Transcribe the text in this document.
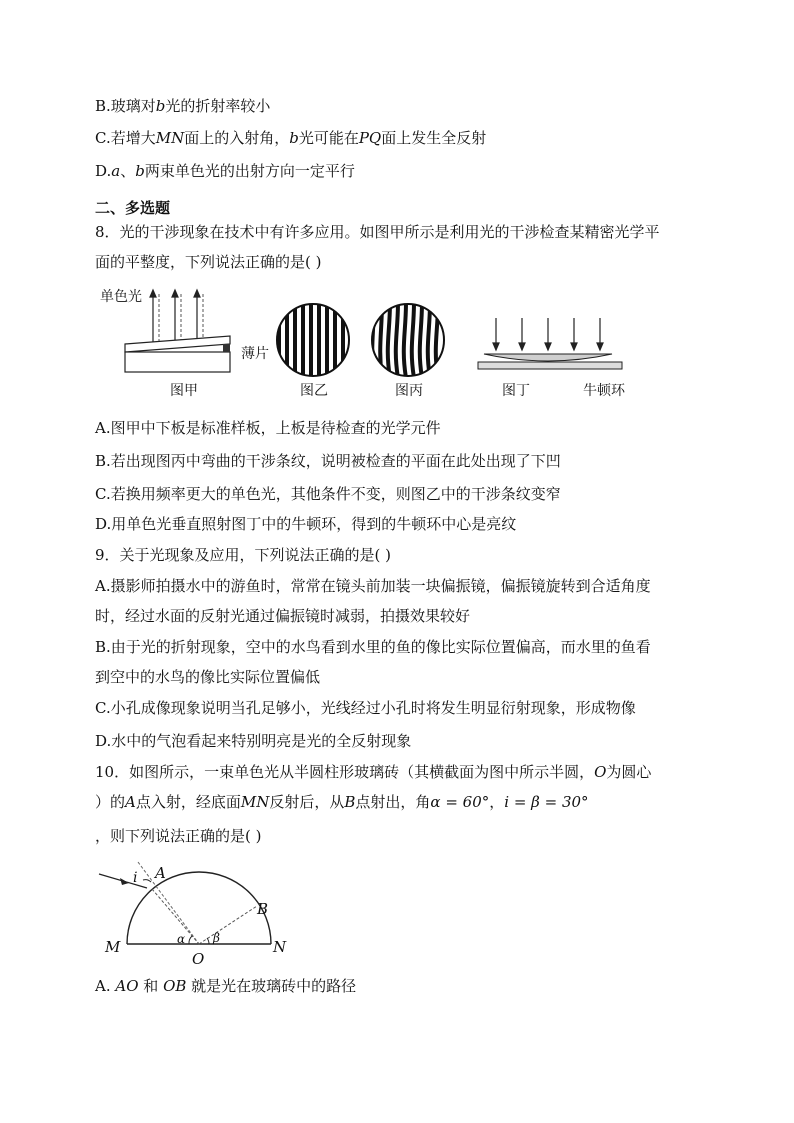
B.玻璃对b光的折射率较小
C.若增大MN面上的入射角，b光可能在PQ面上发生全反射
D.a、b两束单色光的出射方向一定平行
二、多选题
8．光的干涉现象在技术中有许多应用。如图甲所示是利用光的干涉检查某精密光学平
面的平整度，下列说法正确的是( )
单色光
薄片
图甲	图乙	图丙	图丁	牛顿环
A.图甲中下板是标准样板，上板是待检查的光学元件
B.若出现图丙中弯曲的干涉条纹，说明被检查的平面在此处出现了下凹
C.若换用频率更大的单色光，其他条件不变，则图乙中的干涉条纹变窄
D.用单色光垂直照射图丁中的牛顿环，得到的牛顿环中心是亮纹
9．关于光现象及应用，下列说法正确的是( )
A.摄影师拍摄水中的游鱼时，常常在镜头前加装一块偏振镜，偏振镜旋转到合适角度
时，经过水面的反射光通过偏振镜时减弱，拍摄效果较好
B.由于光的折射现象，空中的水鸟看到水里的鱼的像比实际位置偏高，而水里的鱼看
到空中的水鸟的像比实际位置偏低
C.小孔成像现象说明当孔足够小，光线经过小孔时将发生明显衍射现象，形成物像
D.水中的气泡看起来特别明亮是光的全反射现象
10．如图所示，一束单色光从半圆柱形玻璃砖（其横截面为图中所示半圆，O为圆心
）的A点入射，经底面MN反射后，从B点射出，角α = 60°，i = β = 30°
，则下列说法正确的是( )
i A
B
M	N
O
α β
A. AO 和 OB 就是光在玻璃砖中的路径
